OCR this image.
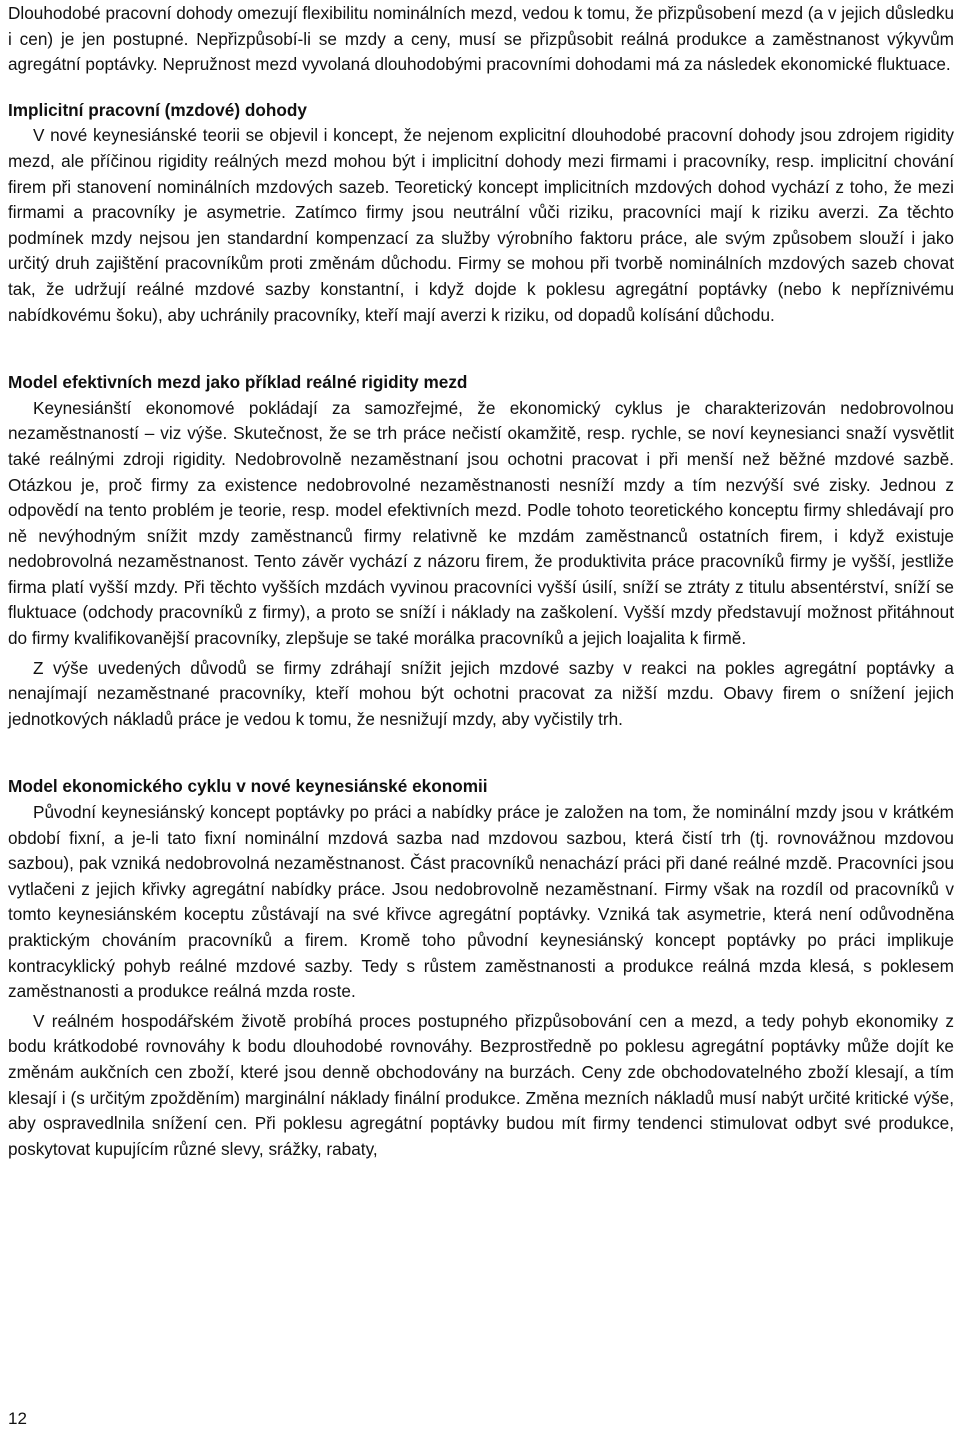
Dlouhodobé pracovní dohody omezují flexibilitu nominálních mezd, vedou k tomu, že přizpůsobení mezd (a v jejich důsledku i cen) je jen postupné. Nepřizpůsobí-li se mzdy a ceny, musí se přizpůsobit reálná produkce a zaměstnanost výkyvům agregátní poptávky. Nepružnost mezd vyvolaná dlouhodobými pracovními dohodami má za následek ekonomické fluktuace.

Implicitní pracovní (mzdové) dohody

V nové keynesiánské teorii se objevil i koncept, že nejenom explicitní dlouhodobé pracovní dohody jsou zdrojem rigidity mezd, ale příčinou rigidity reálných mezd mohou být i implicitní dohody mezi firmami i pracovníky, resp. implicitní chování firem při stanovení nominálních mzdových sazeb. Teoretický koncept implicitních mzdových dohod vychází z toho, že mezi firmami a pracovníky je asymetrie. Zatímco firmy jsou neutrální vůči riziku, pracovníci mají k riziku averzi. Za těchto podmínek mzdy nejsou jen standardní kompenzací za služby výrobního faktoru práce, ale svým způsobem slouží i jako určitý druh zajištění pracovníkům proti změnám důchodu. Firmy se mohou při tvorbě nominálních mzdových sazeb chovat tak, že udržují reálné mzdové sazby konstantní, i když dojde k poklesu agregátní poptávky (nebo k nepříznivému nabídkovému šoku), aby uchránily pracovníky, kteří mají averzi k riziku, od dopadů kolísání důchodu.

Model efektivních mezd jako příklad reálné rigidity mezd

Keynesiánští ekonomové pokládají za samozřejmé, že ekonomický cyklus je charakterizován nedobrovolnou nezaměstnaností – viz výše. Skutečnost, že se trh práce nečistí okamžitě, resp. rychle, se noví keynesianci snaží vysvětlit také reálnými zdroji rigidity. Nedobrovolně nezaměstnaní jsou ochotni pracovat i při menší než běžné mzdové sazbě. Otázkou je, proč firmy za existence nedobrovolné nezaměstnanosti nesníží mzdy a tím nezvýší své zisky. Jednou z odpovědí na tento problém je teorie, resp. model efektivních mezd. Podle tohoto teoretického konceptu firmy shledávají pro ně nevýhodným snížit mzdy zaměstnanců firmy relativně ke mzdám zaměstnanců ostatních firem, i když existuje nedobrovolná nezaměstnanost. Tento závěr vychází z názoru firem, že produktivita práce pracovníků firmy je vyšší, jestliže firma platí vyšší mzdy. Při těchto vyšších mzdách vyvinou pracovníci vyšší úsilí, sníží se ztráty z titulu absentérství, sníží se fluktuace (odchody pracovníků z firmy), a proto se sníží i náklady na zaškolení. Vyšší mzdy představují možnost přitáhnout do firmy kvalifikovanější pracovníky, zlepšuje se také morálka pracovníků a jejich loajalita k firmě.

Z výše uvedených důvodů se firmy zdráhají snížit jejich mzdové sazby v reakci na pokles agregátní poptávky a nenajímají nezaměstnané pracovníky, kteří mohou být ochotni pracovat za nižší mzdu. Obavy firem o snížení jejich jednotkových nákladů práce je vedou k tomu, že nesnižují mzdy, aby vyčistily trh.

Model ekonomického cyklu v nové keynesiánské ekonomii

Původní keynesiánský koncept poptávky po práci a nabídky práce je založen na tom, že nominální mzdy jsou v krátkém období fixní, a je-li tato fixní nominální mzdová sazba nad mzdovou sazbou, která čistí trh (tj. rovnovážnou mzdovou sazbou), pak vzniká nedobrovolná nezaměstnanost. Část pracovníků nenachází práci při dané reálné mzdě. Pracovníci jsou vytlačeni z jejich křivky agregátní nabídky práce. Jsou nedobrovolně nezaměstnaní. Firmy však na rozdíl od pracovníků v tomto keynesiánském koceptu zůstávají na své křivce agregátní poptávky. Vzniká tak asymetrie, která není odůvodněna praktickým chováním pracovníků a firem. Kromě toho původní keynesiánský koncept poptávky po práci implikuje kontracyklický pohyb reálné mzdové sazby. Tedy s růstem zaměstnanosti a produkce reálná mzda klesá, s poklesem zaměstnanosti a produkce reálná mzda roste.

V reálném hospodářském životě probíhá proces postupného přizpůsobování cen a mezd, a tedy pohyb ekonomiky z bodu krátkodobé rovnováhy k bodu dlouhodobé rovnováhy. Bezprostředně po poklesu agregátní poptávky může dojít ke změnám aukčních cen zboží, které jsou denně obchodovány na burzách. Ceny zde obchodovatelného zboží klesají, a tím klesají i (s určitým zpožděním) marginální náklady finální produkce. Změna mezních nákladů musí nabýt určité kritické výše, aby ospravedlnila snížení cen. Při poklesu agregátní poptávky budou mít firmy tendenci stimulovat odbyt své produkce, poskytovat kupujícím různé slevy, srážky, rabaty,

12
